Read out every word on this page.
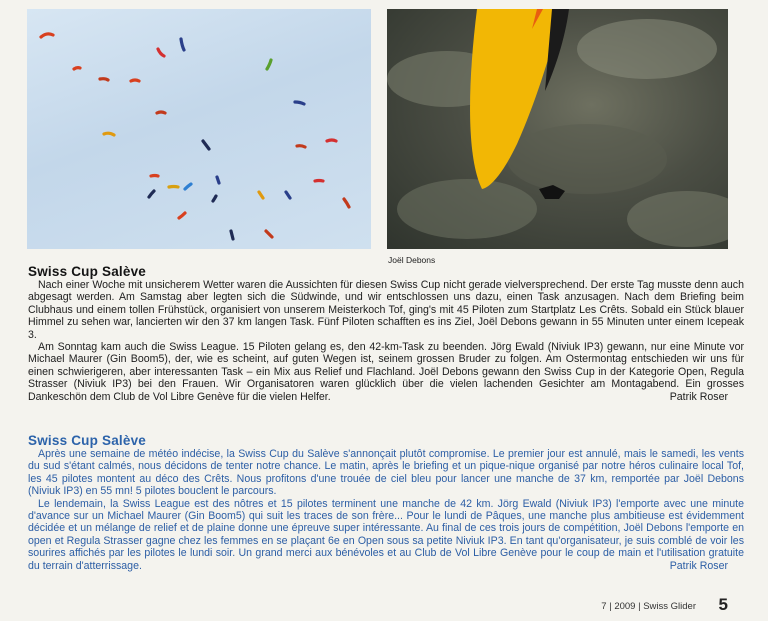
Joël Debons
Swiss Cup Salève

Nach einer Woche mit unsicherem Wetter waren die Aussichten für diesen Swiss Cup nicht gerade vielversprechend. Der erste Tag musste denn auch abgesagt werden. Am Samstag aber legten sich die Südwinde, und wir entschlossen uns dazu, einen Task anzusagen. Nach dem Briefing beim Clubhaus und einem tollen Frühstück, organisiert von unserem Meisterkoch Tof, ging's mit 45 Piloten zum Startplatz Les Crêts. Sobald ein Stück blauer Himmel zu sehen war, lancierten wir den 37 km langen Task. Fünf Piloten schafften es ins Ziel, Joël Debons gewann in 55 Minuten unter einem Icepeak 3.

Am Sonntag kam auch die Swiss League. 15 Piloten gelang es, den 42-km-Task zu beenden. Jörg Ewald (Niviuk IP3) gewann, nur eine Minute vor Michael Maurer (Gin Boom5), der, wie es scheint, auf guten Wegen ist, seinem grossen Bruder zu folgen. Am Ostermontag entschieden wir uns für einen schwierigeren, aber interessanten Task – ein Mix aus Relief und Flachland. Joël Debons gewann den Swiss Cup in der Kategorie Open, Regula Strasser (Niviuk IP3) bei den Frauen. Wir Organisatoren waren glücklich über die vielen lachenden Gesichter am Montagabend. Ein grosses Dankeschön dem Club de Vol Libre Genève für die vielen Helfer.	Patrik Roser

Swiss Cup Salève

Après une semaine de météo indécise, la Swiss Cup du Salève s'annonçait plutôt compromise. Le premier jour est annulé, mais le samedi, les vents du sud s'étant calmés, nous décidons de tenter notre chance. Le matin, après le briefing et un pique-nique organisé par notre héros culinaire local Tof, les 45 pilotes montent au déco des Crêts. Nous profitons d'une trouée de ciel bleu pour lancer une manche de 37 km, remportée par Joël Debons (Niviuk IP3) en 55 mn! 5 pilotes bouclent le parcours.

Le lendemain, la Swiss League est des nôtres et 15 pilotes terminent une manche de 42 km. Jörg Ewald (Niviuk IP3) l'emporte avec une minute d'avance sur un Michael Maurer (Gin Boom5) qui suit les traces de son frère... Pour le lundi de Pâques, une manche plus ambitieuse est évidemment décidée et un mélange de relief et de plaine donne une épreuve super intéressante. Au final de ces trois jours de compétition, Joël Debons l'emporte en open et Regula Strasser gagne chez les femmes en se plaçant 6e en Open sous sa petite Niviuk IP3. En tant qu'organisateur, je suis comblé de voir les sourires affichés par les pilotes le lundi soir. Un grand merci aux bénévoles et au Club de Vol Libre Genève pour le coup de main et l'utilisation gratuite du terrain d'atterrissage.	Patrik Roser

7 | 2009 | Swiss Glider 5
